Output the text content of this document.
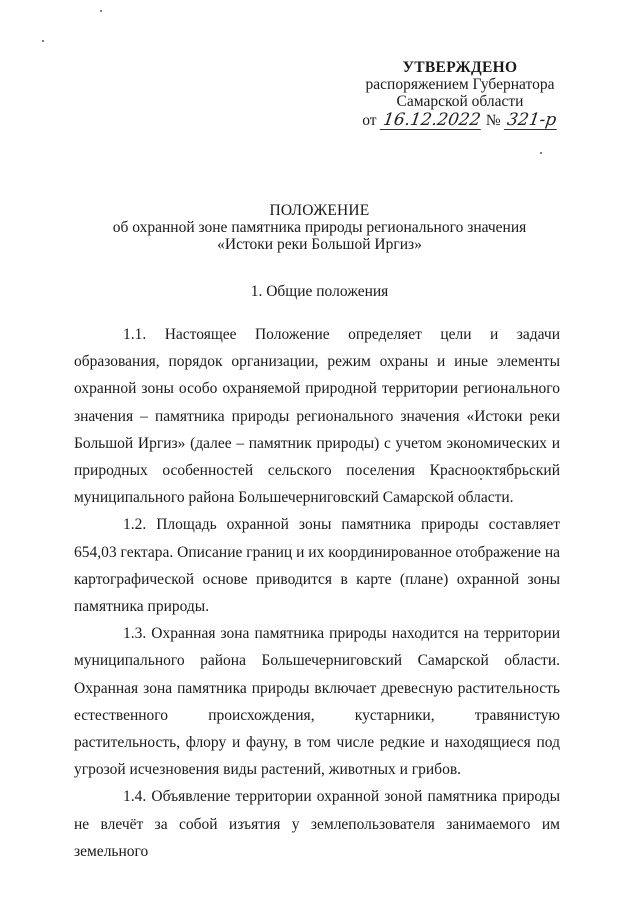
УТВЕРЖДЕНО
распоряжением Губернатора
Самарской области
от 16.12.2022 № 321-р
ПОЛОЖЕНИЕ
об охранной зоне памятника природы регионального значения
«Истоки реки Большой Иргиз»
1. Общие положения

1.1. Настоящее Положение определяет цели и задачи образования, порядок организации, режим охраны и иные элементы охранной зоны особо охраняемой природной территории регионального значения – памятника природы регионального значения «Истоки реки Большой Иргиз» (далее – памятник природы) с учетом экономических и природных особенностей сельского поселения Краснооктябрьский муниципального района Большечерниговский Самарской области.

1.2. Площадь охранной зоны памятника природы составляет 654,03 гектара. Описание границ и их координированное отображение на картографической основе приводится в карте (плане) охранной зоны памятника природы.

1.3. Охранная зона памятника природы находится на территории муниципального района Большечерниговский Самарской области. Охранная зона памятника природы включает древесную растительность естественного происхождения, кустарники, травянистую растительность, флору и фауну, в том числе редкие и находящиеся под угрозой исчезновения виды растений, животных и грибов.

1.4. Объявление территории охранной зоной памятника природы не влечёт за собой изъятия у землепользователя занимаемого им земельного
